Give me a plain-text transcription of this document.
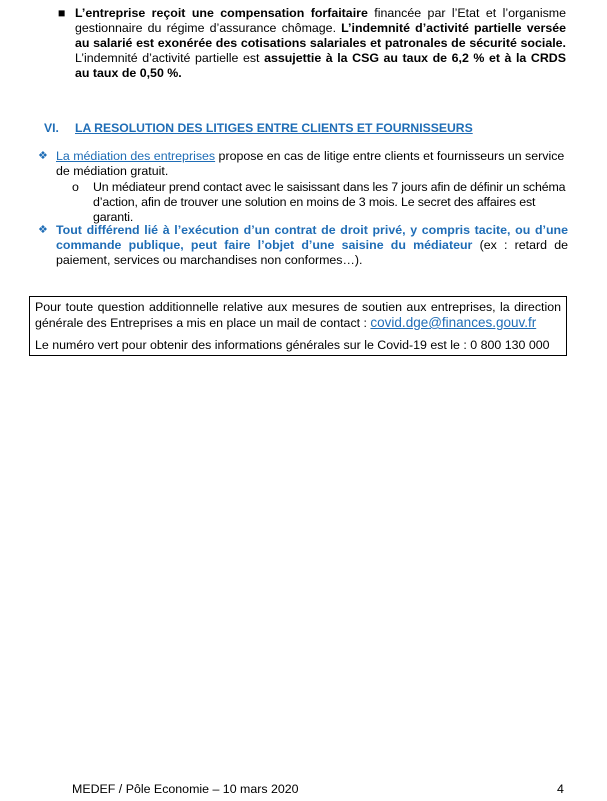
■ L’entreprise reçoit une compensation forfaitaire financée par l’Etat et l’organisme gestionnaire du régime d’assurance chômage. L’indemnité d’activité partielle versée au salarié est exonérée des cotisations salariales et patronales de sécurité sociale. L’indemnité d’activité partielle est assujettie à la CSG au taux de 6,2 % et à la CRDS au taux de 0,50 %.
VI. LA RESOLUTION DES LITIGES ENTRE CLIENTS ET FOURNISSEURS
❖ La médiation des entreprises propose en cas de litige entre clients et fournisseurs un service de médiation gratuit.
o Un médiateur prend contact avec le saisissant dans les 7 jours afin de définir un schéma d’action, afin de trouver une solution en moins de 3 mois. Le secret des affaires est garanti.
❖ Tout différend lié à l’exécution d’un contrat de droit privé, y compris tacite, ou d’une commande publique, peut faire l’objet d’une saisine du médiateur (ex : retard de paiement, services ou marchandises non conformes…).
Pour toute question additionnelle relative aux mesures de soutien aux entreprises, la direction générale des Entreprises a mis en place un mail de contact : covid.dge@finances.gouv.fr
Le numéro vert pour obtenir des informations générales sur le Covid-19 est le : 0 800 130 000
MEDEF / Pôle Economie – 10 mars 2020	4
